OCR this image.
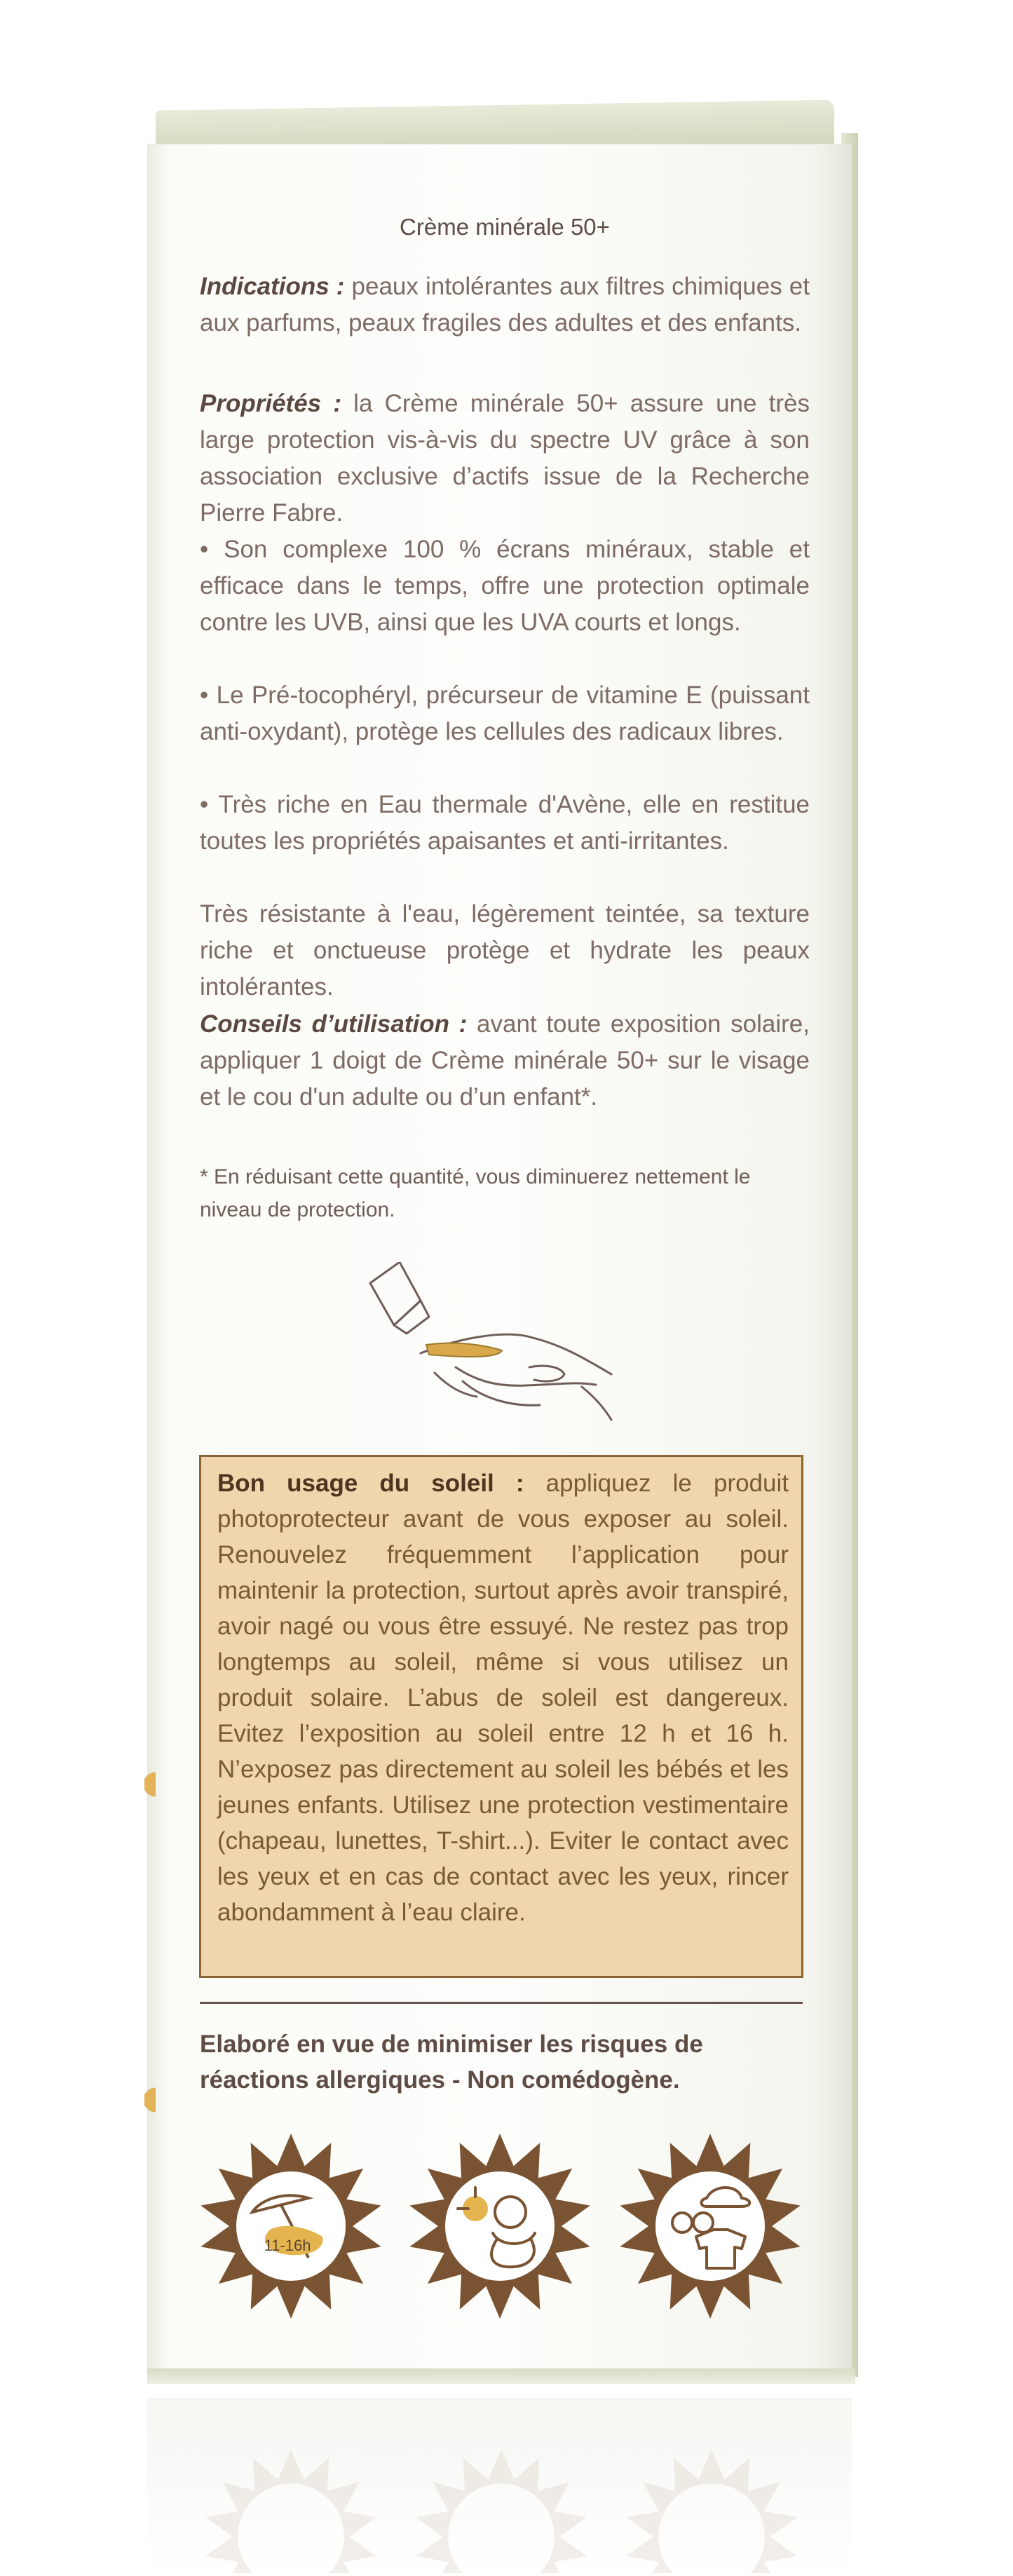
Crème minérale 50+

Indications : peaux intolérantes aux filtres chimiques et aux parfums, peaux fragiles des adultes et des enfants.

Propriétés : la Crème minérale 50+ assure une très large protection vis-à-vis du spectre UV grâce à son association exclusive d’actifs issue de la Recherche Pierre Fabre.

• Son complexe 100 % écrans minéraux, stable et efficace dans le temps, offre une protection optimale contre les UVB, ainsi que les UVA courts et longs.

• Le Pré-tocophéryl, précurseur de vitamine E (puissant anti-oxydant), protège les cellules des radicaux libres.

• Très riche en Eau thermale d'Avène, elle en restitue toutes les propriétés apaisantes et anti-irritantes.

Très résistante à l'eau, légèrement teintée, sa texture riche et onctueuse protège et hydrate les peaux intolérantes.

Conseils d’utilisation : avant toute exposition solaire, appliquer 1 doigt de Crème minérale 50+ sur le visage et le cou d'un adulte ou d’un enfant*.

* En réduisant cette quantité, vous diminuerez nettement le niveau de protection.

Bon usage du soleil : appliquez le produit photoprotecteur avant de vous exposer au soleil. Renouvelez fréquemment l’application pour maintenir la protection, surtout après avoir transpiré, avoir nagé ou vous être essuyé. Ne restez pas trop longtemps au soleil, même si vous utilisez un produit solaire. L’abus de soleil est dangereux. Evitez l’exposition au soleil entre 12 h et 16 h. N’exposez pas directement au soleil les bébés et les jeunes enfants. Utilisez une protection vestimentaire (chapeau, lunettes, T-shirt...). Eviter le contact avec les yeux et en cas de contact avec les yeux, rincer abondamment à l’eau claire.

Elaboré en vue de minimiser les risques de réactions allergiques - Non comédogène.

11-16h
